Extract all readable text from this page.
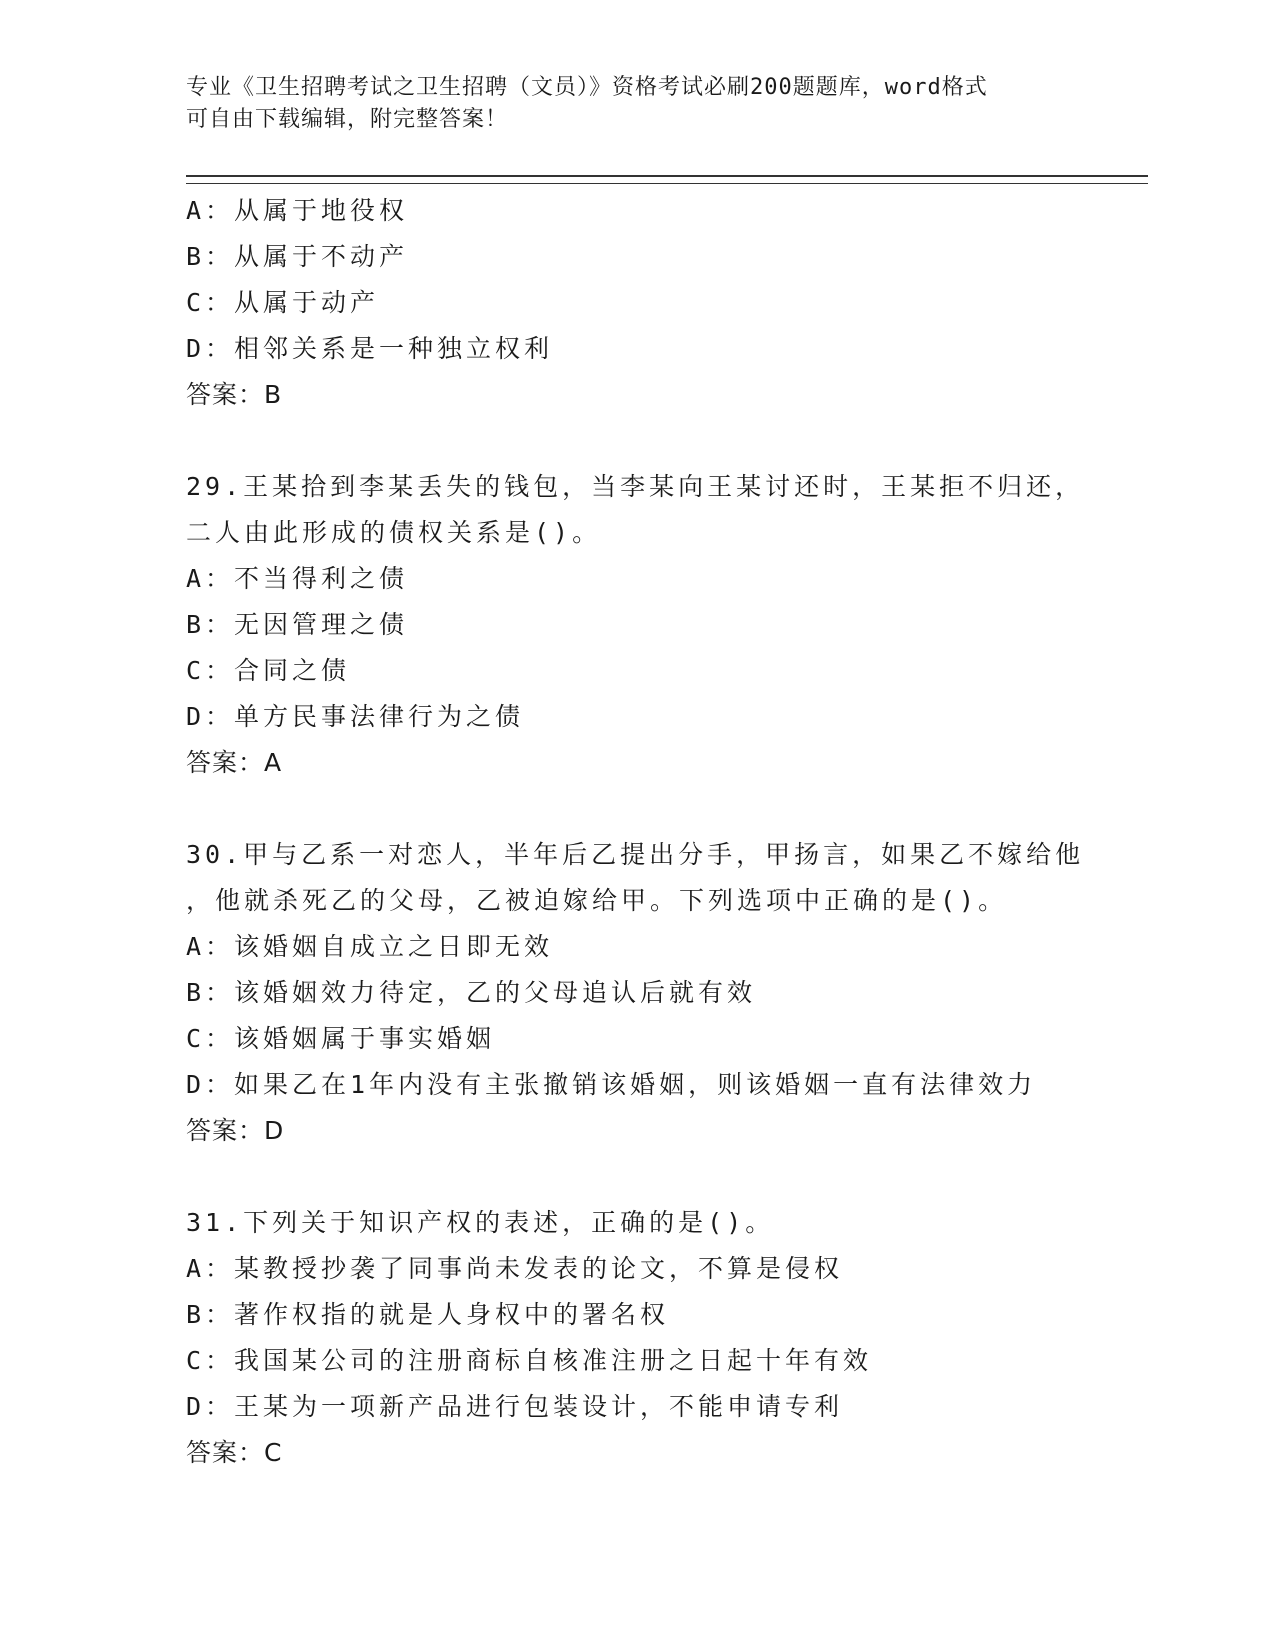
专业《卫生招聘考试之卫生招聘（文员）》资格考试必刷200题题库，word格式
可自由下载编辑，附完整答案！
A：从属于地役权
B：从属于不动产
C：从属于动产
D：相邻关系是一种独立权利
答案：B
29.王某拾到李某丢失的钱包，当李某向王某讨还时，王某拒不归还，
二人由此形成的债权关系是()。
A：不当得利之债
B：无因管理之债
C：合同之债
D：单方民事法律行为之债
答案：A
30.甲与乙系一对恋人，半年后乙提出分手，甲扬言，如果乙不嫁给他
，他就杀死乙的父母，乙被迫嫁给甲。下列选项中正确的是()。
A：该婚姻自成立之日即无效
B：该婚姻效力待定，乙的父母追认后就有效
C：该婚姻属于事实婚姻
D：如果乙在1年内没有主张撤销该婚姻，则该婚姻一直有法律效力
答案：D
31.下列关于知识产权的表述，正确的是()。
A：某教授抄袭了同事尚未发表的论文，不算是侵权
B：著作权指的就是人身权中的署名权
C：我国某公司的注册商标自核准注册之日起十年有效
D：王某为一项新产品进行包装设计，不能申请专利
答案：C
